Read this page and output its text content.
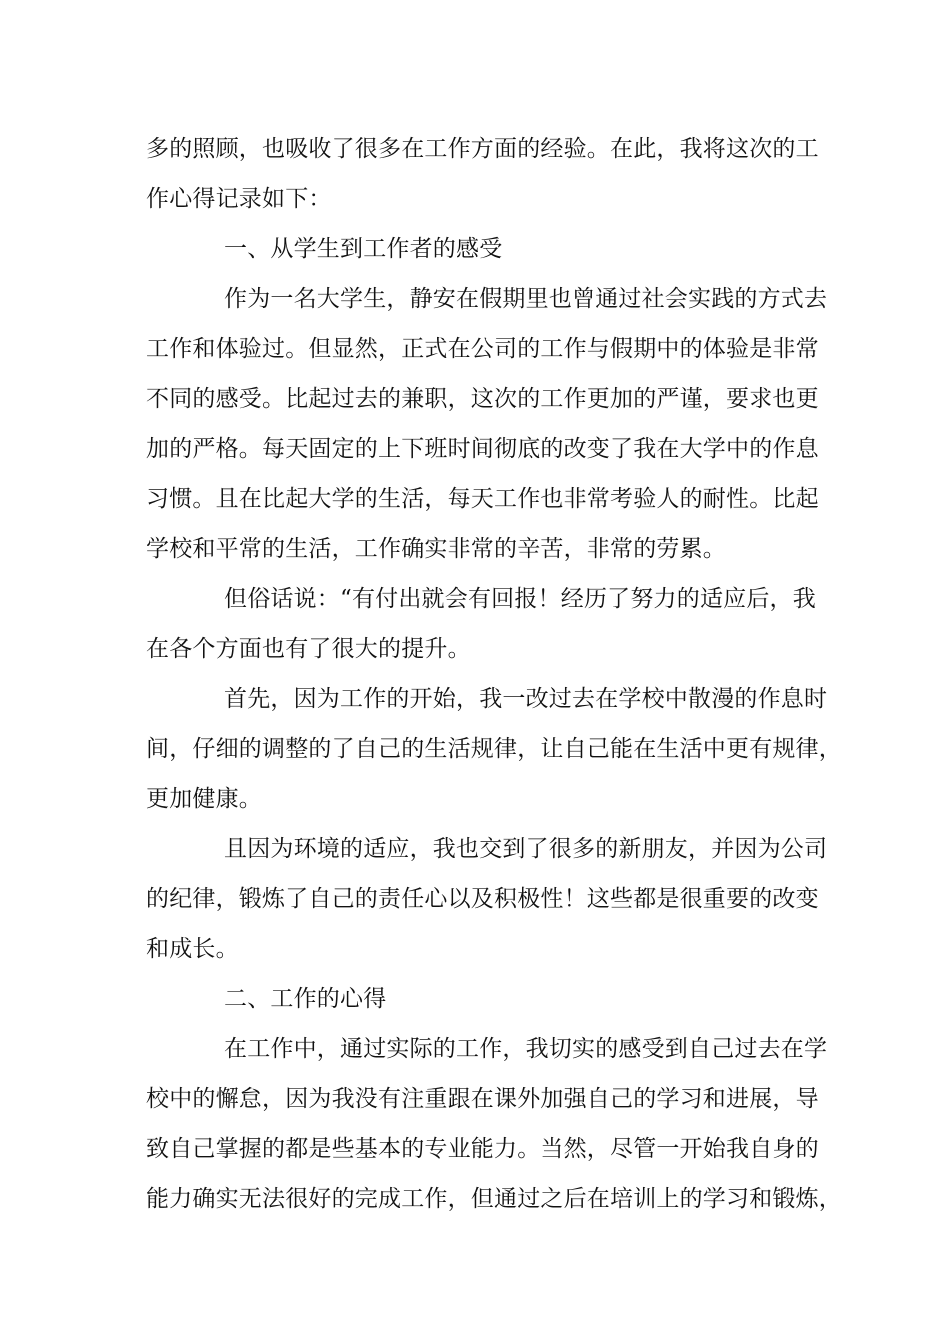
多的照顾，也吸收了很多在工作方面的经验。在此，我将这次的工
作心得记录如下：
一、从学生到工作者的感受
作为一名大学生，静安在假期里也曾通过社会实践的方式去
工作和体验过。但显然，正式在公司的工作与假期中的体验是非常
不同的感受。比起过去的兼职，这次的工作更加的严谨，要求也更
加的严格。每天固定的上下班时间彻底的改变了我在大学中的作息
习惯。且在比起大学的生活，每天工作也非常考验人的耐性。比起
学校和平常的生活，工作确实非常的辛苦，非常的劳累。
但俗话说：“有付出就会有回报！经历了努力的适应后，我
在各个方面也有了很大的提升。
首先，因为工作的开始，我一改过去在学校中散漫的作息时
间，仔细的调整的了自己的生活规律，让自己能在生活中更有规律，
更加健康。
且因为环境的适应，我也交到了很多的新朋友，并因为公司
的纪律，锻炼了自己的责任心以及积极性！这些都是很重要的改变
和成长。
二、工作的心得
在工作中，通过实际的工作，我切实的感受到自己过去在学
校中的懈怠，因为我没有注重跟在课外加强自己的学习和进展，导
致自己掌握的都是些基本的专业能力。当然，尽管一开始我自身的
能力确实无法很好的完成工作，但通过之后在培训上的学习和锻炼，
